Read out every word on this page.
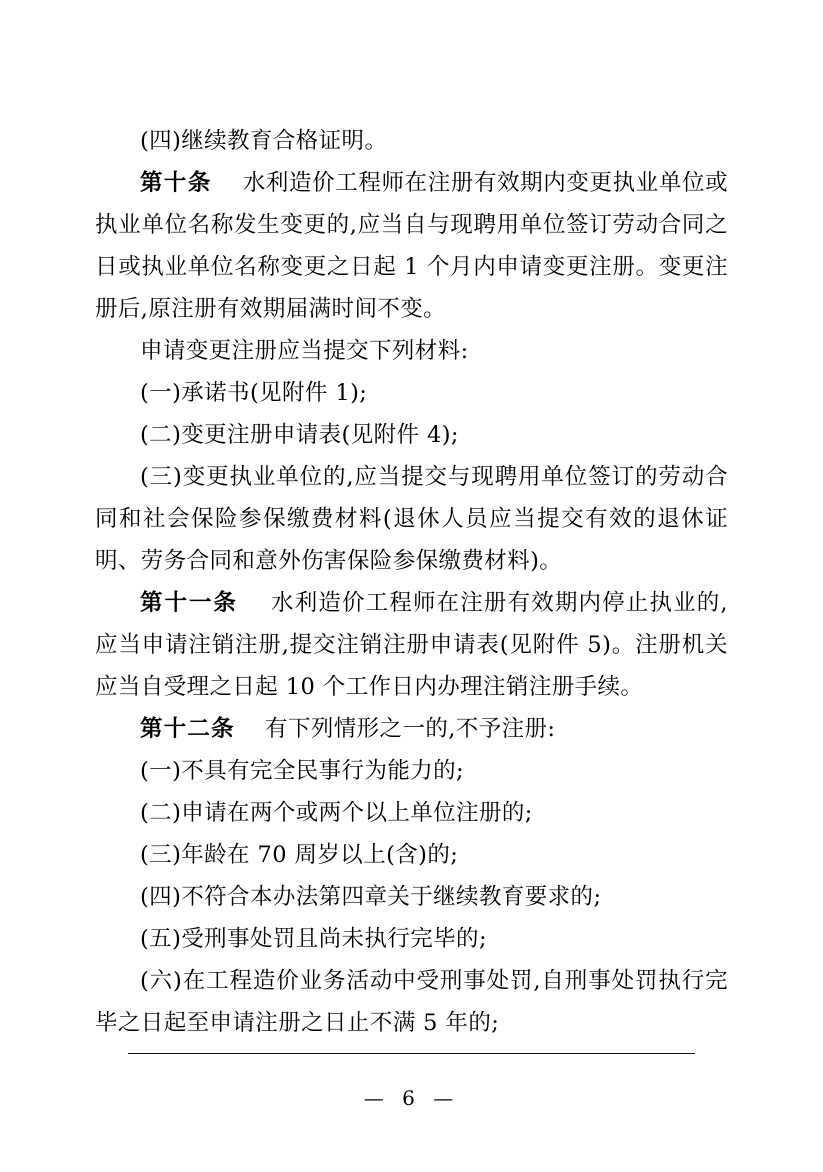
(四)继续教育合格证明。

第十条 水利造价工程师在注册有效期内变更执业单位或执业单位名称发生变更的,应当自与现聘用单位签订劳动合同之日或执业单位名称变更之日起 1 个月内申请变更注册。变更注册后,原注册有效期届满时间不变。

申请变更注册应当提交下列材料:

(一)承诺书(见附件 1);

(二)变更注册申请表(见附件 4);

(三)变更执业单位的,应当提交与现聘用单位签订的劳动合同和社会保险参保缴费材料(退休人员应当提交有效的退休证明、劳务合同和意外伤害保险参保缴费材料)。

第十一条 水利造价工程师在注册有效期内停止执业的,应当申请注销注册,提交注销注册申请表(见附件 5)。注册机关应当自受理之日起 10 个工作日内办理注销注册手续。

第十二条 有下列情形之一的,不予注册:

(一)不具有完全民事行为能力的;

(二)申请在两个或两个以上单位注册的;

(三)年龄在 70 周岁以上(含)的;

(四)不符合本办法第四章关于继续教育要求的;

(五)受刑事处罚且尚未执行完毕的;

(六)在工程造价业务活动中受刑事处罚,自刑事处罚执行完毕之日起至申请注册之日止不满 5 年的;

— 6 —
